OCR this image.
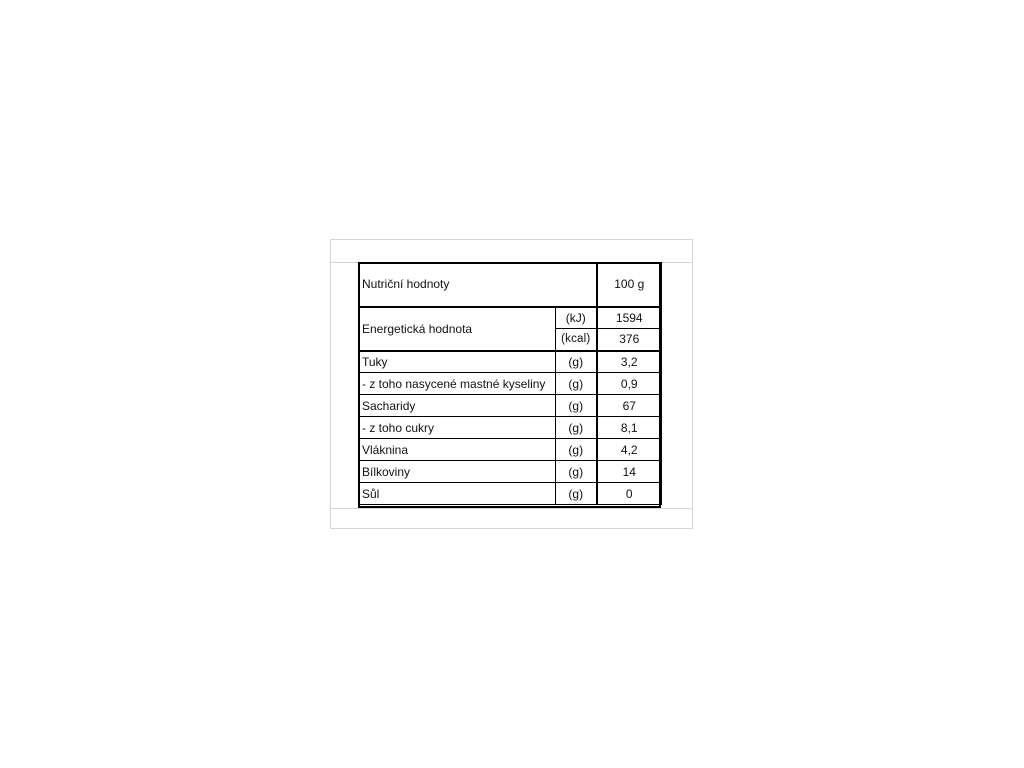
Nutriční hodnoty		100 g
Energetická hodnota	(kJ)	1594
	(kcal)	376
Tuky	(g)	3,2
- z toho nasycené mastné kyseliny	(g)	0,9
Sacharidy	(g)	67
- z toho cukry	(g)	8,1
Vláknina	(g)	4,2
Bílkoviny	(g)	14
Sůl	(g)	0
